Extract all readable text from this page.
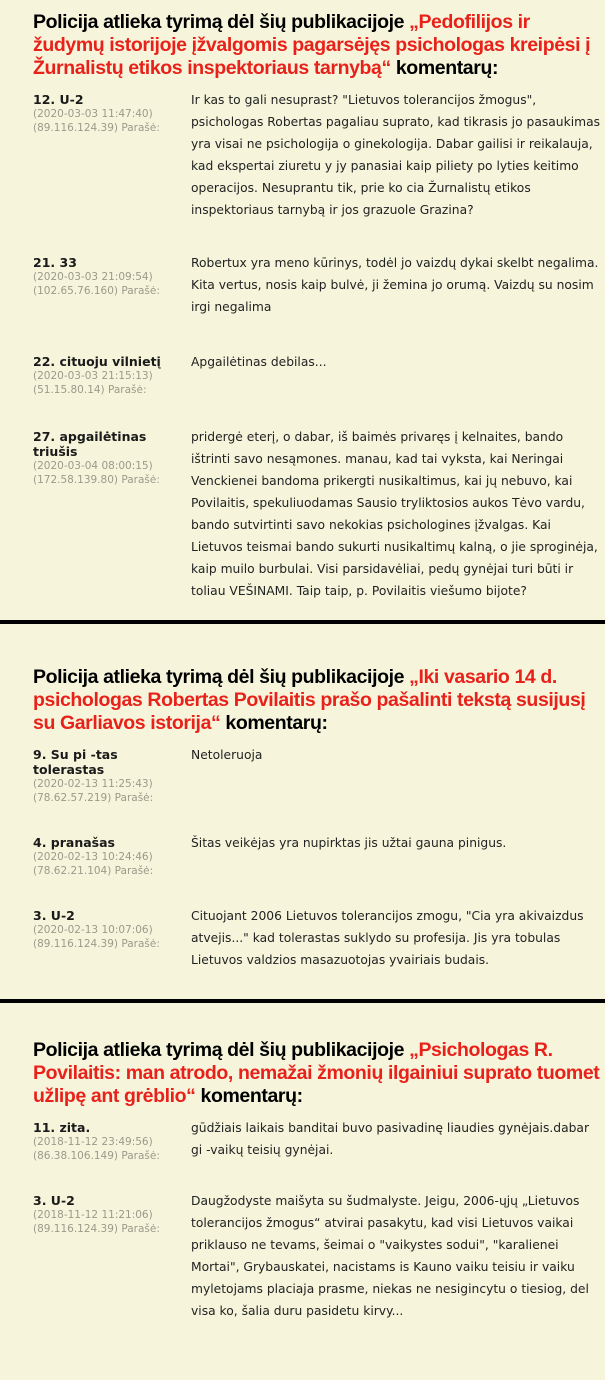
Policija atlieka tyrimą dėl šių publikacijoje „Pedofilijos ir žudymų istorijoje įžvalgomis pagarsėjęs psichologas kreipėsi į Žurnalistų etikos inspektoriaus tarnybą“ komentarų:
12. U-2
(2020-03-03 11:47:40)
(89.116.124.39) Parašė:
Ir kas to gali nesuprast? "Lietuvos tolerancijos žmogus", psichologas Robertas pagaliau suprato, kad tikrasis jo pasaukimas yra visai ne psichologija o ginekologija. Dabar gailisi ir reikalauja, kad ekspertai ziuretu y jy panasiai kaip piliety po lyties keitimo operacijos. Nesuprantu tik, prie ko cia Žurnalistų etikos inspektoriaus tarnybą ir jos grazuole Grazina?
21. 33
(2020-03-03 21:09:54)
(102.65.76.160) Parašė:
Robertux yra meno kūrinys, todėl jo vaizdų dykai skelbt negalima. Kita vertus, nosis kaip bulvė, ji žemina jo orumą. Vaizdų su nosim irgi negalima
22. cituoju vilnietį
(2020-03-03 21:15:13)
(51.15.80.14) Parašė:
Apgailėtinas debilas...
27. apgailėtinas triušis
(2020-03-04 08:00:15)
(172.58.139.80) Parašė:
pridergė eterį, o dabar, iš baimės privaręs į kelnaites, bando ištrinti savo nesąmones. manau, kad tai vyksta, kai Neringai Venckienei bandoma prikergti nusikaltimus, kai jų nebuvo, kai Povilaitis, spekuliuodamas Sausio tryliktosios aukos Tėvo vardu, bando sutvirtinti savo nekokias psichologines įžvalgas. Kai Lietuvos teismai bando sukurti nusikaltimų kalną, o jie sproginėja, kaip muilo burbulai. Visi parsidavėliai, pedų gynėjai turi būti ir toliau VEŠINAMI. Taip taip, p. Povilaitis viešumo bijote?
Policija atlieka tyrimą dėl šių publikacijoje „Iki vasario 14 d. psichologas Robertas Povilaitis prašo pašalinti tekstą susijusį su Garliavos istorija“ komentarų:
9. Su pi -tas tolerastas
(2020-02-13 11:25:43)
(78.62.57.219) Parašė:
Netoleruoja
4. pranašas
(2020-02-13 10:24:46)
(78.62.21.104) Parašė:
Šitas veikėjas yra nupirktas jis užtai gauna pinigus.
3. U-2
(2020-02-13 10:07:06)
(89.116.124.39) Parašė:
Cituojant 2006 Lietuvos tolerancijos zmogu, "Cia yra akivaizdus atvejis..." kad tolerastas suklydo su profesija. Jis yra tobulas Lietuvos valdzios masazuotojas yvairiais budais.
Policija atlieka tyrimą dėl šių publikacijoje „Psichologas R. Povilaitis: man atrodo, nemažai žmonių ilgainiui suprato tuomet užlipę ant grėblio“ komentarų:
11. zita.
(2018-11-12 23:49:56)
(86.38.106.149) Parašė:
gūdžiais laikais banditai buvo pasivadinę liaudies gynėjais.dabar gi -vaikų teisių gynėjai.
3. U-2
(2018-11-12 11:21:06)
(89.116.124.39) Parašė:
Daugžodyste maišyta su šudmalyste. Jeigu, 2006-ųjų „Lietuvos tolerancijos žmogus“ atvirai pasakytu, kad visi Lietuvos vaikai priklauso ne tevams, šeimai o "vaikystes sodui", "karalienei Mortai", Grybauskatei, nacistams is Kauno vaiku teisiu ir vaiku myletojams placiaja prasme, niekas ne nesigincytu o tiesiog, del visa ko, šalia duru pasidetu kirvy...
